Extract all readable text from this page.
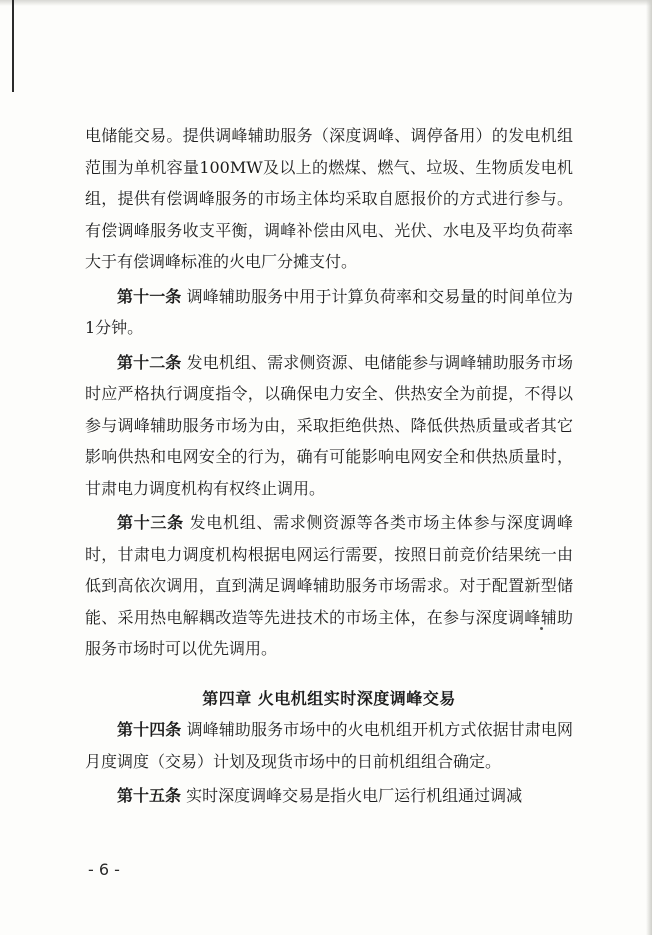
电储能交易。提供调峰辅助服务（深度调峰、调停备用）的发电机组范围为单机容量100MW及以上的燃煤、燃气、垃圾、生物质发电机组，提供有偿调峰服务的市场主体均采取自愿报价的方式进行参与。有偿调峰服务收支平衡，调峰补偿由风电、光伏、水电及平均负荷率大于有偿调峰标准的火电厂分摊支付。

第十一条 调峰辅助服务中用于计算负荷率和交易量的时间单位为1分钟。

第十二条 发电机组、需求侧资源、电储能参与调峰辅助服务市场时应严格执行调度指令，以确保电力安全、供热安全为前提，不得以参与调峰辅助服务市场为由，采取拒绝供热、降低供热质量或者其它影响供热和电网安全的行为，确有可能影响电网安全和供热质量时，甘肃电力调度机构有权终止调用。

第十三条 发电机组、需求侧资源等各类市场主体参与深度调峰时，甘肃电力调度机构根据电网运行需要，按照日前竞价结果统一由低到高依次调用，直到满足调峰辅助服务市场需求。对于配置新型储能、采用热电解耦改造等先进技术的市场主体，在参与深度调峰辅助服务市场时可以优先调用。

第四章 火电机组实时深度调峰交易

第十四条 调峰辅助服务市场中的火电机组开机方式依据甘肃电网月度调度（交易）计划及现货市场中的日前机组组合确定。

第十五条 实时深度调峰交易是指火电厂运行机组通过调减

- 6 -
